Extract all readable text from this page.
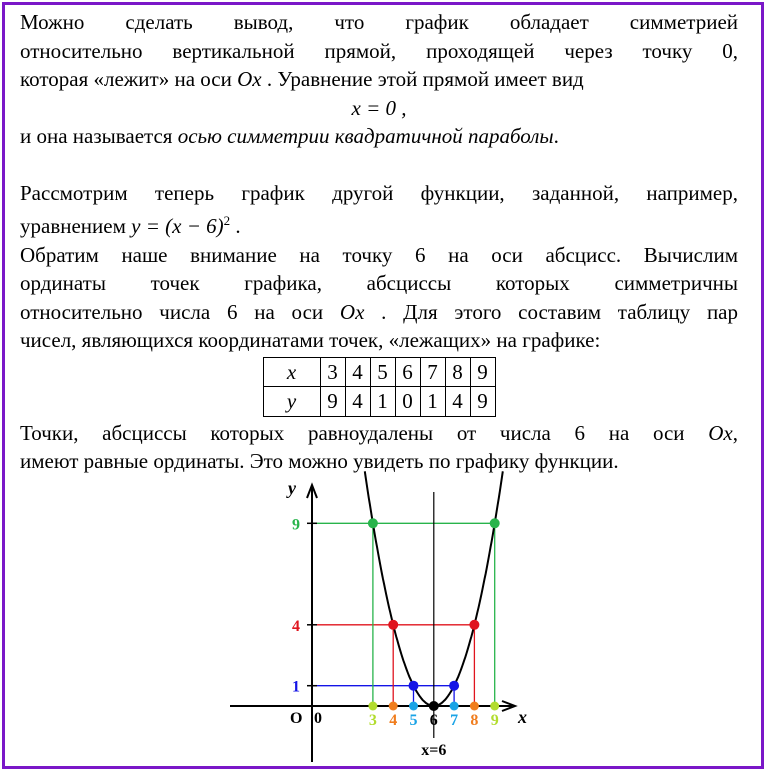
Можно сделать вывод, что график обладает симметрией

относительно вертикальной прямой, проходящей через точку 0,

которая «лежит» на оси Ox . Уравнение этой прямой имеет вид

x = 0 ,

и она называется осью симметрии квадратичной параболы.

Рассмотрим теперь график другой функции, заданной, например,

уравнением $y = (x - 6)^2$ .

Обратим наше внимание на точку 6 на оси абсцисс. Вычислим

ординаты точек графика, абсциссы которых симметричны

относительно числа 6 на оси Ox . Для этого составим таблицу пар

чисел, являющихся координатами точек, «лежащих» на графике:

x	3	4	5	6	7	8	9
y	9	4	1	0	1	4	9

Точки, абсциссы которых равноудалены от числа 6 на оси Ox,

имеют равные ординаты. Это можно увидеть по графику функции.

1
4
9
x
y
O 0
x=6
3 4 5 6 7 8 9
